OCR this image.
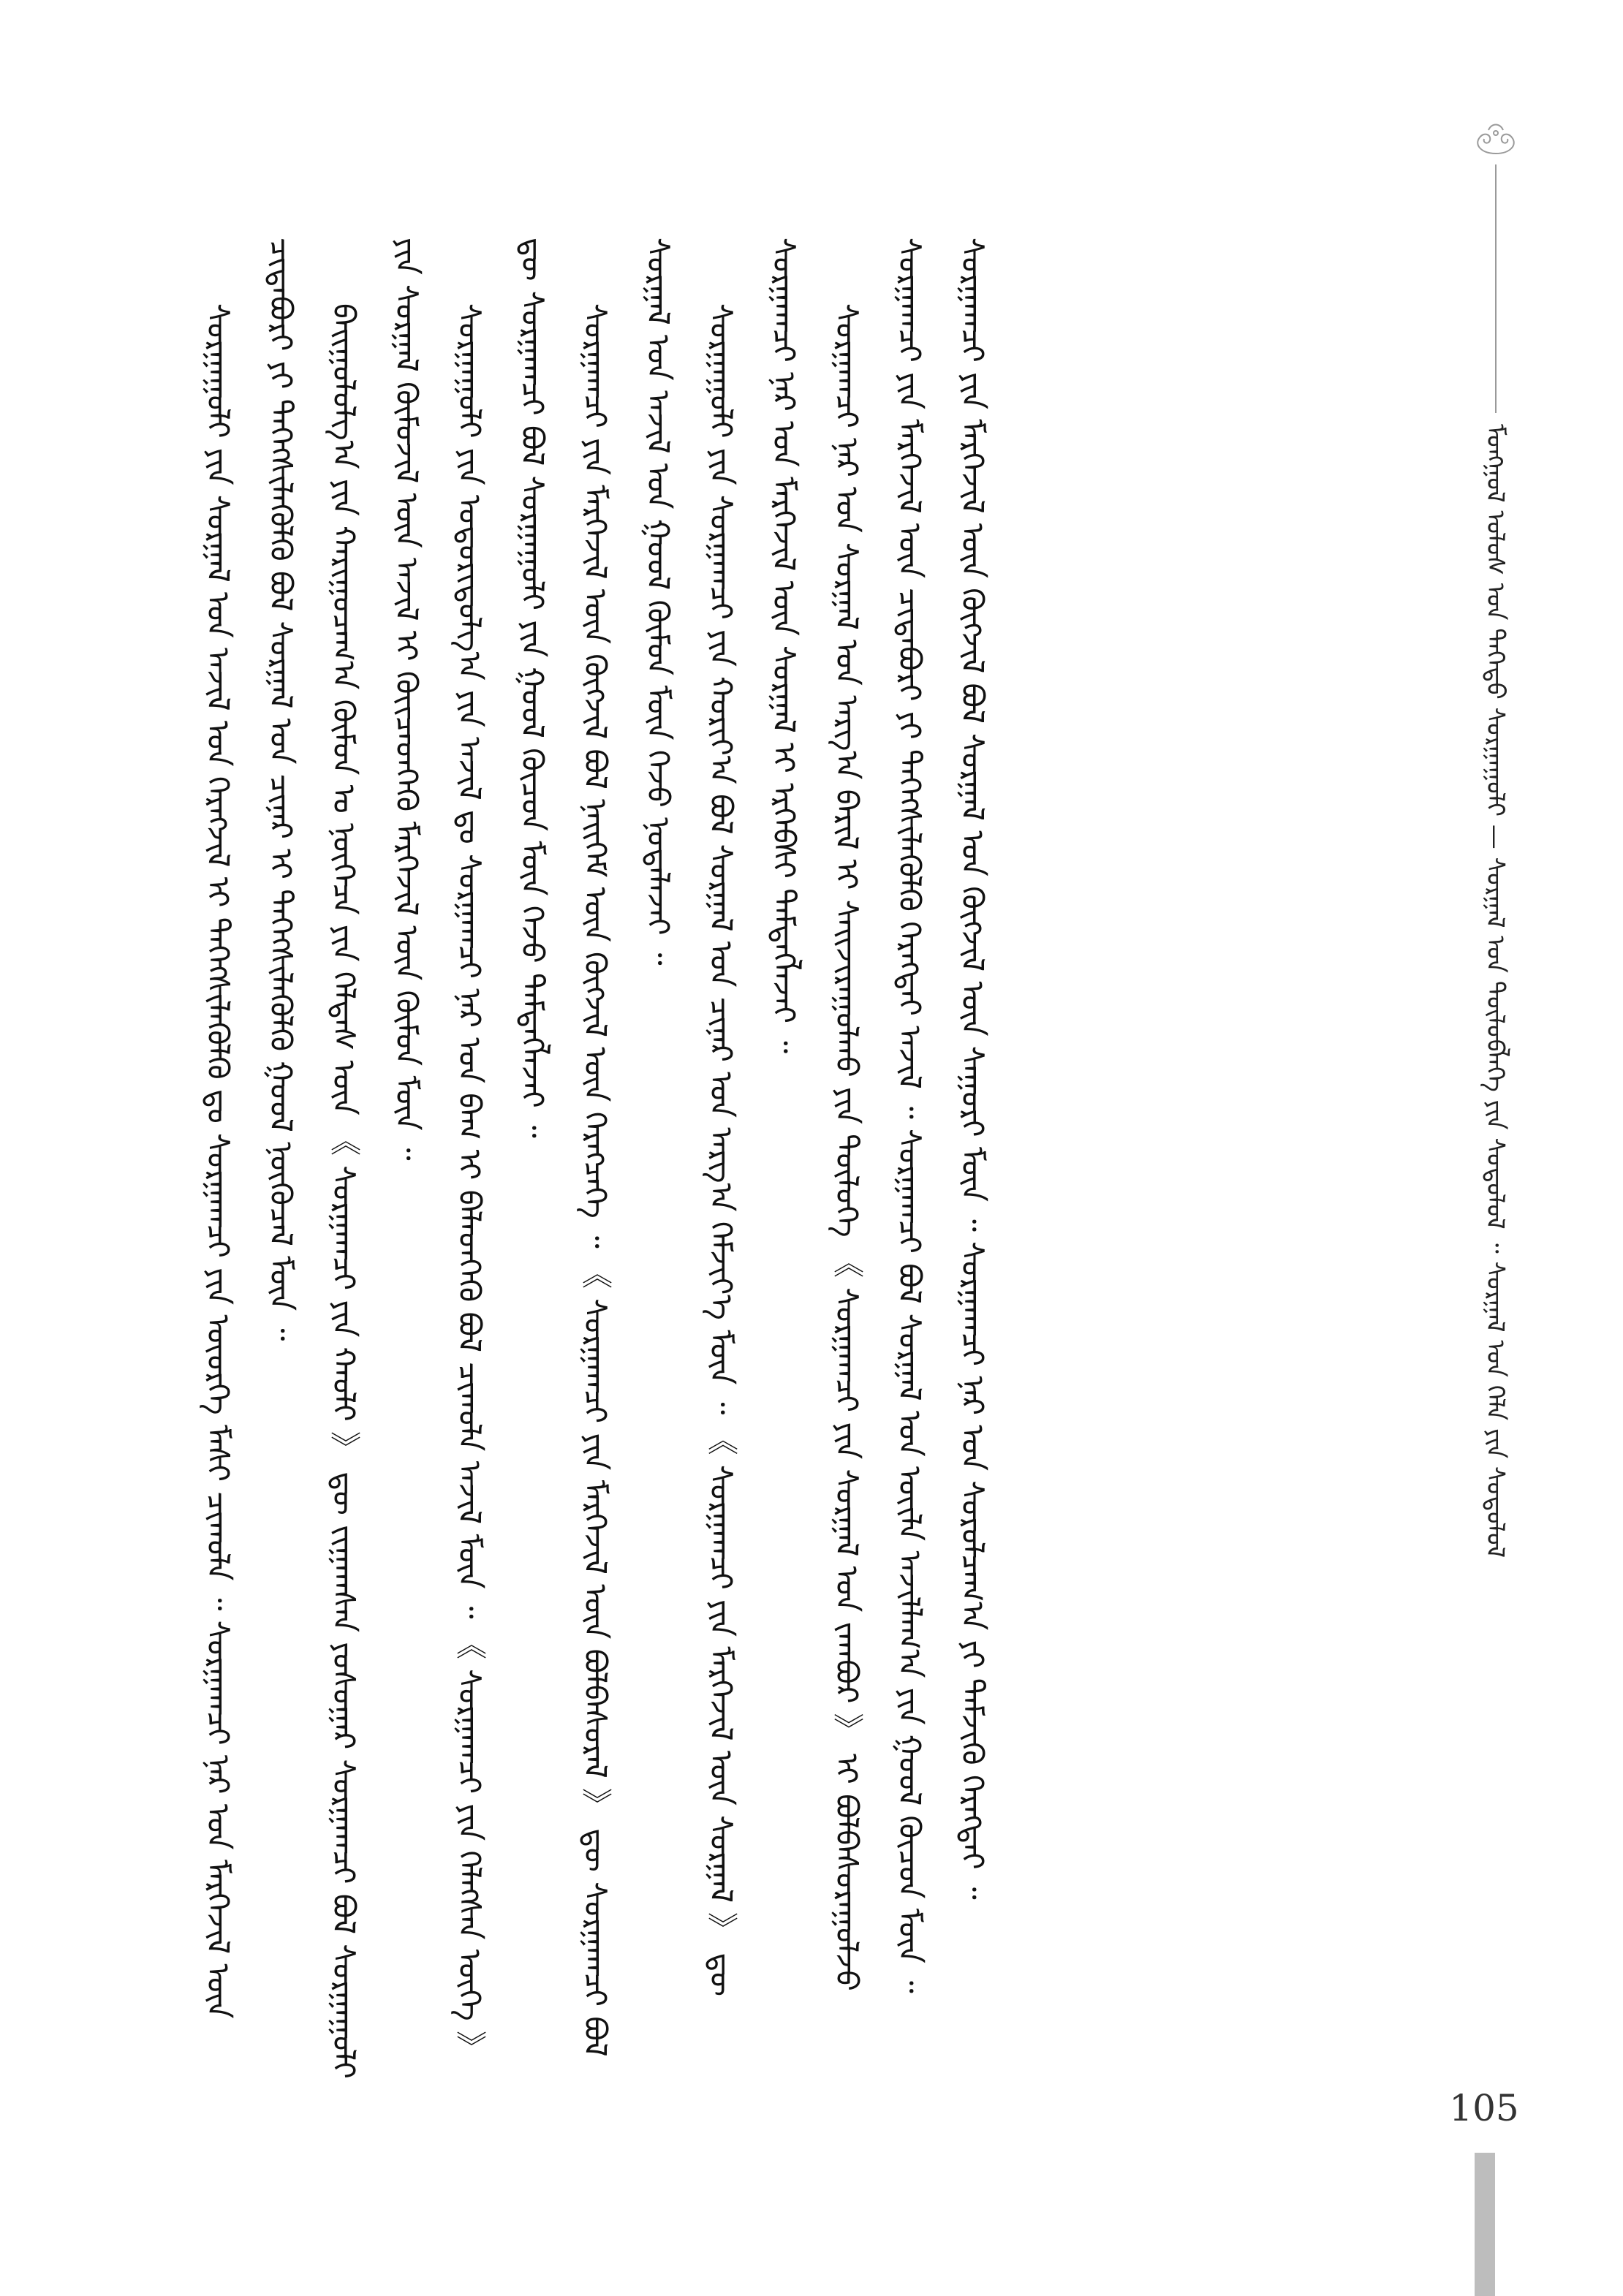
ᠮᠣᠩᠭᠣᠯ ᠤᠯᠤᠰ ᠤᠨ ᠳᠡᠭᠡᠳᠦ ᠰᠤᠷᠭᠠᠭᠤᠯᠢ — ᠰᠤᠷᠭᠠᠯ ᠤᠨ ᠲᠥᠯᠥᠪᠯᠡᠭᠡ ᠶᠢᠨ ᠰᠤᠳᠤᠯᠤᠯ ᠃ ᠰᠤᠷᠭᠠᠯ ᠤᠨ ᠬᠡᠯᠡ ᠶᠢᠨ ᠰᠤᠳᠤᠯᠤᠯ

ᠰᠤᠷᠭᠠᠭᠤᠯᠢ ᠶᠢᠨ ᠰᠤᠷᠭᠠᠯ ᠤᠨ ᠠᠵᠢᠯ ᠤᠨ ᠬᠡᠷᠡᠭᠵᠢᠯ ᠢ ᠳᠡᠭᠡᠭᠰᠢᠯᠡᠭᠦᠯᠬᠦ ᠳᠤ ᠰᠤᠷᠭᠠᠭᠴᠢ ᠶᠢᠨ ᠦᠦᠷᠭᠡ ᠮᠠᠰᠢ ᠴᠢᠬᠤᠯᠠ ᠃ ᠰᠤᠷᠭᠠᠭᠴᠢ ᠨᠠᠷ ᠤᠨ ᠮᠡᠷᠭᠡᠵᠢᠯ ᠦᠨ ᠴᠢᠳᠠᠪᠤᠷᠢ ᠶᠢ ᠳᠡᠭᠡᠭᠰᠢᠯᠡᠭᠦᠯᠬᠦ ᠪᠣᠯ ᠰᠤᠷᠭᠠᠯ ᠤᠨ ᠴᠢᠨᠠᠷ ᠢ ᠳᠡᠭᠡᠭᠰᠢᠯᠡᠭᠦᠯᠬᠦ ᠭᠣᠣᠯ ᠨᠥᠬᠦᠴᠡᠯ ᠮᠥᠨ ᠃ ᠪᠠᠢᠭᠤᠯᠤᠯᠭ᠎ᠠ ᠶᠢᠨ ᠬᠠᠷᠢᠭᠤᠴᠠᠭ᠎ᠠ ᠬᠦᠮᠦᠨ ᠤ ᠨᠥᠭᠡᠴᠡ ᠶᠢᠨ ᠬᠡᠯᠲᠡᠰ ᠦᠨ 《 ᠰᠤᠷᠭᠠᠭᠴᠢ ᠶᠢᠨ ᠬᠠᠤᠯᠢ 》 ᠳᠦ ᠵᠢᠭᠠᠭᠰᠠᠨ ᠶᠣᠰᠣᠭᠠᠷ ᠰᠤᠷᠭᠠᠭᠴᠢ ᠪᠣᠯ ᠰᠤᠷᠭᠠᠭᠤᠯᠢ ᠶᠢᠨ ᠰᠤᠷᠭᠠᠯ ᠬᠦᠮᠦᠵᠢᠯ ᠦᠨ ᠠᠵᠢᠯ ᠢ ᠭᠦᠢᠴᠡᠳᠬᠡᠬᠦ ᠮᠡᠷᠭᠡᠵᠢᠯ ᠦᠨ ᠬᠦᠮᠦᠨ ᠮᠥᠨ ᠃ ᠰᠤᠷᠭᠠᠭᠤᠯᠢ ᠶᠢᠨ ᠤᠳᠤᠷᠢᠳᠤᠯᠭ᠎ᠠ ᠶᠢᠨ ᠠᠵᠢᠯ ᠳᠤ ᠰᠤᠷᠭᠠᠭᠴᠢ ᠨᠠᠷ ᠤᠨ ᠪᠠᠭ ᠢ ᠪᠡᠯᠡᠳᠬᠡᠬᠦ ᠪᠣᠯ ᠴᠢᠬᠤᠯᠠ ᠠᠵᠢᠯ ᠮᠥᠨ ᠃ 《 ᠰᠤᠷᠭᠠᠭᠴᠢ ᠶᠢᠨ ᠬᠡᠯᠡᠭᠰᠡᠨ ᠦᠭᠡ 》 ᠳᠦ ᠰᠤᠷᠭᠠᠭᠴᠢ ᠪᠣᠯ ᠰᠤᠷᠭᠠᠭᠤᠯᠢ ᠶᠢᠨ ᠭᠣᠣᠯ ᠬᠦᠴᠦᠨ ᠮᠥᠨ ᠭᠡᠵᠦ ᠲᠡᠮᠳᠡᠭᠯᠡᠵᠡᠢ ᠃ ᠰᠤᠷᠭᠠᠭᠴᠢ ᠶᠢᠨ ᠮᠡᠷᠭᠡᠵᠢᠯ ᠦᠨ ᠬᠥᠭᠵᠢᠯ ᠪᠣᠯ ᠨᠡᠢᠭᠡᠮ ᠦᠨ ᠬᠥᠭᠵᠢᠯ ᠦᠨ ᠬᠡᠷᠡᠭᠴᠡᠭᠡ ᠃ 《 ᠰᠤᠷᠭᠠᠭᠴᠢ ᠶᠢᠨ ᠮᠡᠷᠭᠡᠵᠢᠯ ᠦᠨ ᠪᠣᠯᠪᠠᠰᠤᠷᠠᠯ 》 ᠳᠦ ᠰᠤᠷᠭᠠᠭᠴᠢ ᠪᠣᠯ ᠰᠤᠷᠭᠠᠯ ᠤᠨ ᠠᠵᠢᠯ ᠤᠨ ᠭᠣᠣᠯ ᠬᠦᠮᠦᠨ ᠮᠥᠨ ᠭᠡᠵᠦ ᠨᠣᠲᠠᠯᠠᠵᠡᠢ ᠃ ᠰᠤᠷᠭᠠᠭᠤᠯᠢ ᠶᠢᠨ ᠰᠤᠷᠭᠠᠭᠴᠢ ᠶᠢᠨ ᠬᠣᠷᠢᠶ᠎ᠠ ᠪᠣᠯ ᠰᠤᠷᠭᠠᠯ ᠤᠨ ᠴᠢᠨᠠᠷ ᠤᠨ ᠠᠷᠭ᠎ᠠ ᠬᠡᠮᠵᠢᠶ᠎ᠡ ᠮᠥᠨ ᠃ 《 ᠰᠤᠷᠭᠠᠭᠴᠢ ᠶᠢᠨ ᠮᠡᠷᠭᠡᠵᠢᠯ ᠦᠨ ᠰᠤᠷᠭᠠᠯ 》 ᠳᠦ ᠰᠤᠷᠭᠠᠭᠴᠢ ᠨᠠᠷ ᠤᠨ ᠮᠡᠷᠭᠡᠵᠢᠯ ᠦᠨ ᠰᠤᠷᠭᠠᠯ ᠢ ᠡᠷᠬᠡᠪᠰᠢ ᠲᠡᠮᠳᠡᠭᠯᠡᠵᠡᠢ ᠃ ᠰᠤᠷᠭᠠᠭᠴᠢ ᠨᠠᠷ ᠤᠨ ᠰᠤᠷᠭᠠᠯ ᠤᠨ ᠠᠷᠭ᠎ᠠ ᠪᠠᠷᠢᠯ ᠢ ᠰᠠᠢᠵᠢᠷᠠᠭᠤᠯᠬᠤ ᠶᠢᠨ ᠲᠥᠯᠦᠭᠡ 《 ᠰᠤᠷᠭᠠᠭᠴᠢ ᠶᠢᠨ ᠰᠤᠷᠭᠠᠯ ᠤᠨ ᠵᠠᠭᠪᠤᠷ 》 ᠢ ᠪᠣᠯᠪᠠᠰᠤᠷᠠᠭᠤᠯᠵᠤ ᠰᠤᠷᠭᠠᠭᠴᠢ ᠶᠢᠨ ᠮᠡᠷᠭᠡᠵᠢᠯ ᠦᠨ ᠴᠢᠳᠠᠪᠤᠷᠢ ᠶᠢ ᠳᠡᠭᠡᠭᠰᠢᠯᠡᠭᠦᠯᠬᠦ ᠬᠡᠷᠡᠭᠲᠡᠢ ᠠᠵᠢᠯ ᠃ ᠰᠤᠷᠭᠠᠭᠴᠢ ᠪᠣᠯ ᠰᠤᠷᠭᠠᠯ ᠤᠨ ᠦᠢᠯᠡ ᠠᠵᠢᠯᠯᠠᠭ᠎ᠠ ᠶᠢᠨ ᠭᠣᠣᠯ ᠬᠦᠴᠦᠨ ᠮᠥᠨ ᠃ ᠰᠤᠷᠭᠠᠭᠴᠢ ᠶᠢᠨ ᠮᠡᠷᠭᠡᠵᠢᠯ ᠦᠨ ᠬᠥᠭᠵᠢᠯ ᠪᠣᠯ ᠰᠤᠷᠭᠠᠯ ᠤᠨ ᠬᠥᠭᠵᠢᠯ ᠦᠨ ᠰᠠᠭᠤᠷᠢ ᠮᠥᠨ ᠃ ᠰᠤᠷᠭᠠᠭᠴᠢ ᠨᠠᠷ ᠤᠨ ᠰᠤᠷᠤᠯᠴᠠᠭ᠎ᠠ ᠶᠢ ᠳᠡᠮᠵᠢᠬᠦ ᠬᠡᠷᠡᠭᠲᠡᠢ ᠃

105
